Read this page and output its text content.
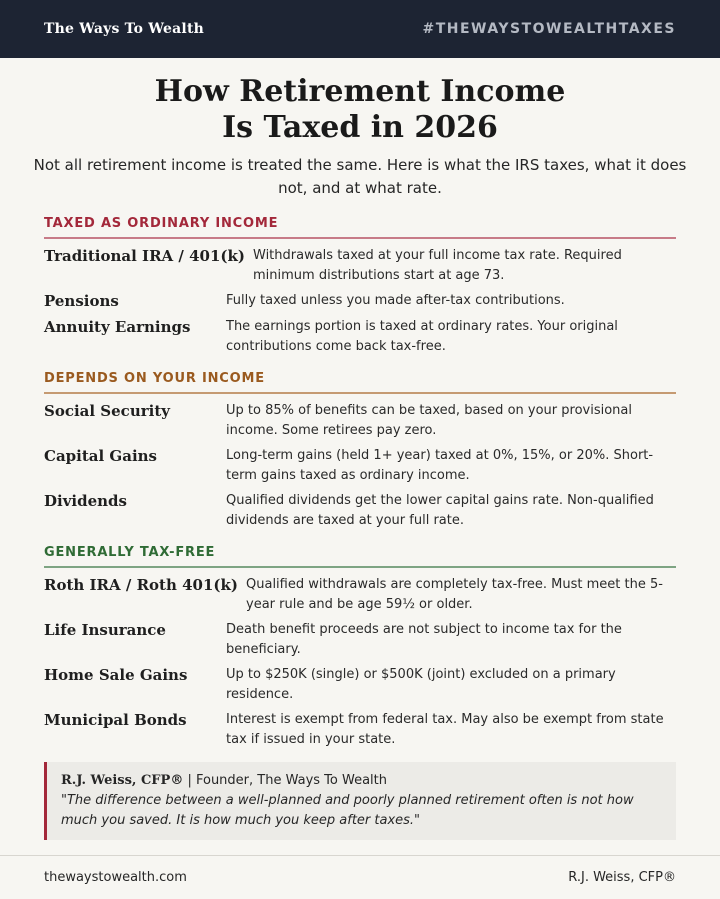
The Ways To Wealth	#THEWAYSTOWEALTHTAXES
How Retirement Income
Is Taxed in 2026

Not all retirement income is treated the same. Here is what the IRS taxes, what it does not, and at what rate.

TAXED AS ORDINARY INCOME
Traditional IRA / 401(k) Withdrawals taxed at your full income tax rate. Required minimum distributions start at age 73.
Pensions	Fully taxed unless you made after-tax contributions.
Annuity Earnings	The earnings portion is taxed at ordinary rates. Your original contributions come back tax-free.
DEPENDS ON YOUR INCOME
Social Security	Up to 85% of benefits can be taxed, based on your provisional income. Some retirees pay zero.
Capital Gains	Long-term gains (held 1+ year) taxed at 0%, 15%, or 20%. Short-term gains taxed as ordinary income.
Dividends	Qualified dividends get the lower capital gains rate. Non-qualified dividends are taxed at your full rate.
GENERALLY TAX-FREE
Roth IRA / Roth 401(k) Qualified withdrawals are completely tax-free. Must meet the 5-year rule and be age 59½ or older.
Life Insurance	Death benefit proceeds are not subject to income tax for the beneficiary.
Home Sale Gains	Up to $250K (single) or $500K (joint) excluded on a primary residence.
Municipal Bonds	Interest is exempt from federal tax. May also be exempt from state tax if issued in your state.
R.J. Weiss, CFP® | Founder, The Ways To Wealth
"The difference between a well-planned and poorly planned retirement often is not how much you saved. It is how much you keep after taxes."
thewaystowealth.com	R.J. Weiss, CFP®
